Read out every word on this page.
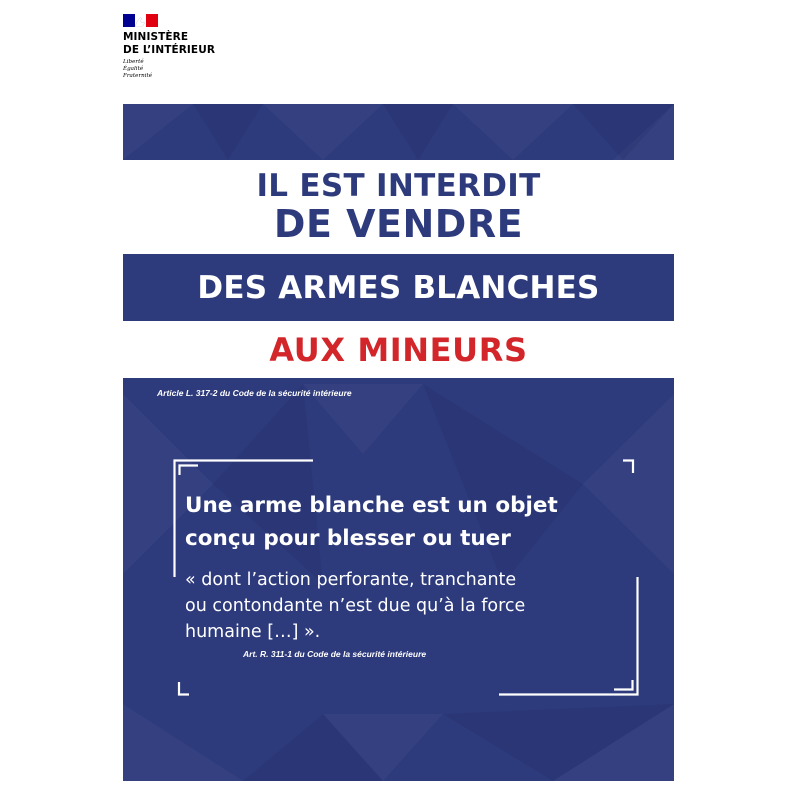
MINISTÈRE
DE L’INTÉRIEUR
Liberté
Égalité
Fraternité
IL EST INTERDIT
DE VENDRE
DES ARMES BLANCHES
AUX MINEURS
Article L. 317-2 du Code de la sécurité intérieure
Une arme blanche est un objet
conçu pour blesser ou tuer
« dont l’action perforante, tranchante
ou contondante n’est due qu’à la force
humaine […] ».
Art. R. 311-1 du Code de la sécurité intérieure
